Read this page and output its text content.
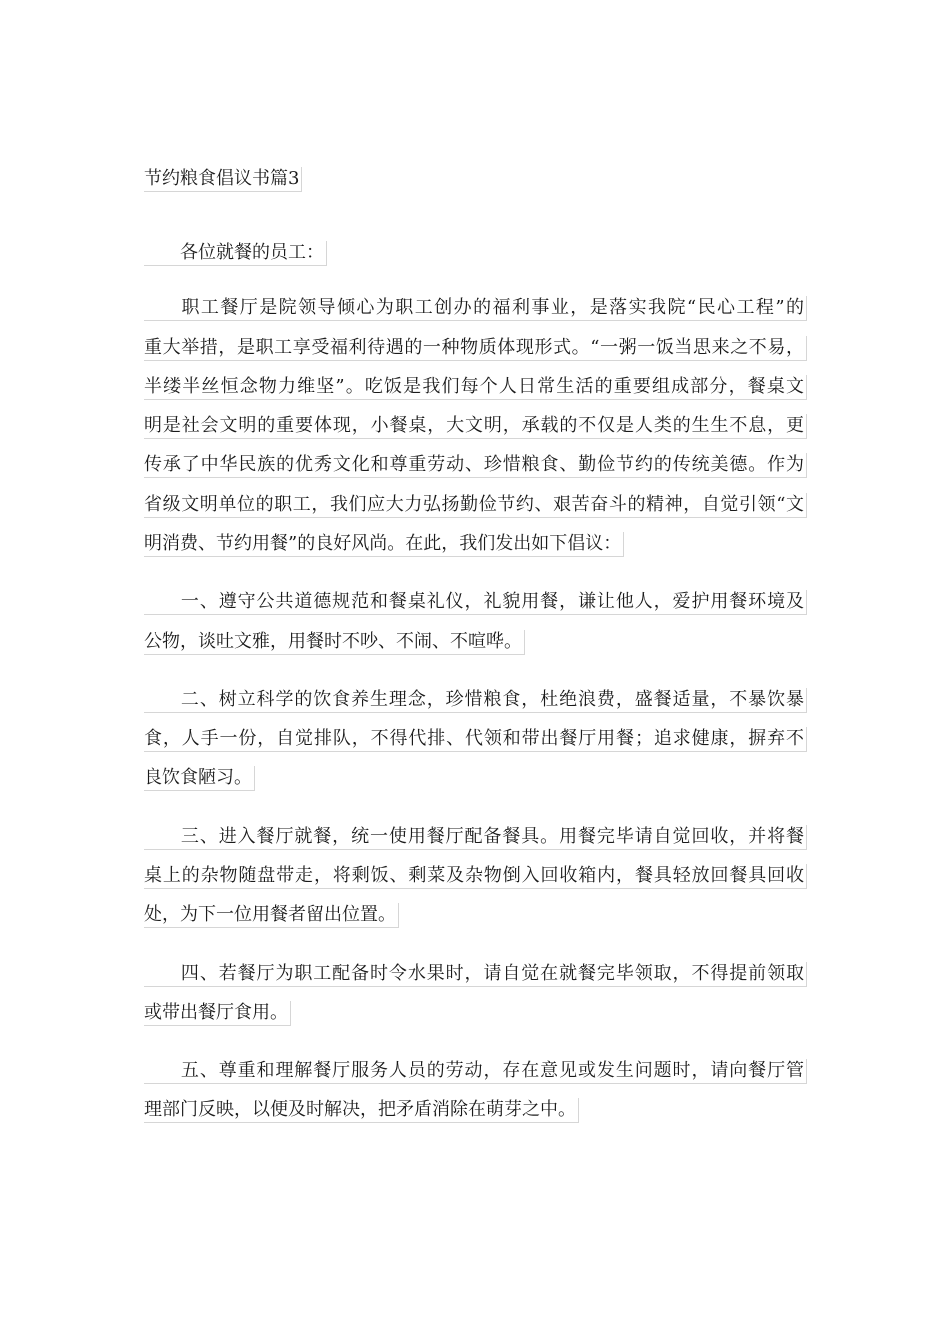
节约粮食倡议书篇3
各位就餐的员工：
职工餐厅是院领导倾心为职工创办的福利事业，是落实我院“民心工程”的
重大举措，是职工享受福利待遇的一种物质体现形式。“一粥一饭当思来之不易，
半缕半丝恒念物力维坚”。吃饭是我们每个人日常生活的重要组成部分，餐桌文
明是社会文明的重要体现，小餐桌，大文明，承载的不仅是人类的生生不息，更
传承了中华民族的优秀文化和尊重劳动、珍惜粮食、勤俭节约的传统美德。作为
省级文明单位的职工，我们应大力弘扬勤俭节约、艰苦奋斗的精神，自觉引领“文
明消费、节约用餐”的良好风尚。在此，我们发出如下倡议：
一、遵守公共道德规范和餐桌礼仪，礼貌用餐，谦让他人，爱护用餐环境及
公物，谈吐文雅，用餐时不吵、不闹、不喧哗。
二、树立科学的饮食养生理念，珍惜粮食，杜绝浪费，盛餐适量，不暴饮暴
食，人手一份，自觉排队，不得代排、代领和带出餐厅用餐；追求健康，摒弃不
良饮食陋习。
三、进入餐厅就餐，统一使用餐厅配备餐具。用餐完毕请自觉回收，并将餐
桌上的杂物随盘带走，将剩饭、剩菜及杂物倒入回收箱内，餐具轻放回餐具回收
处，为下一位用餐者留出位置。
四、若餐厅为职工配备时令水果时，请自觉在就餐完毕领取，不得提前领取
或带出餐厅食用。
五、尊重和理解餐厅服务人员的劳动，存在意见或发生问题时，请向餐厅管
理部门反映，以便及时解决，把矛盾消除在萌芽之中。
